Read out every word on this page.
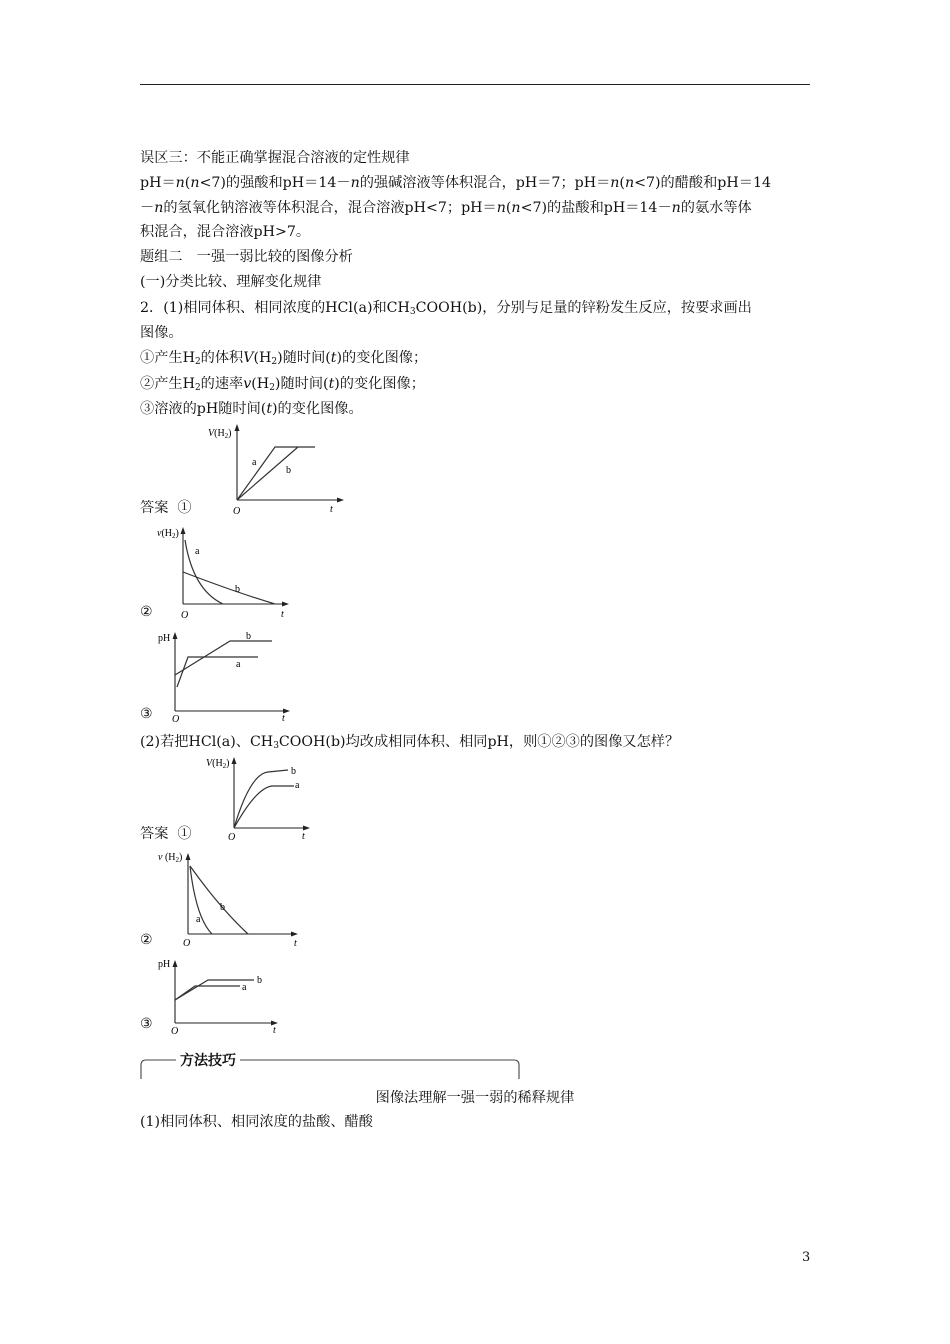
误区三：不能正确掌握混合溶液的定性规律
pH＝n(n<7)的强酸和pH＝14－n的强碱溶液等体积混合，pH＝7；pH＝n(n<7)的醋酸和pH＝14
－n的氢氧化钠溶液等体积混合，混合溶液pH<7；pH＝n(n<7)的盐酸和pH＝14－n的氨水等体
积混合，混合溶液pH>7。
题组二　一强一弱比较的图像分析
(一)分类比较、理解变化规律
2．(1)相同体积、相同浓度的HCl(a)和$CH_3COOH(b)$，分别与足量的锌粉发生反应，按要求画出
图像。
①产生$H_2$的体积$V(H_2)$随时间(t)的变化图像；
②产生$H_2$的速率$v(H_2)$随时间(t)的变化图像；
③溶液的pH随时间(t)的变化图像。
$V(H_2)$
a
b
O	t
答案 ①
$v(H_2)$
a
b
O	t
②
pH
a
b
O	t
③
(2)若把HCl(a)、$CH_3COOH(b)$均改成相同体积、相同pH，则①②③的图像又怎样？
$V(H_2)$
b
a
O	t
答案 ①
v $(H_2)$
a
b
O	t
②
pH
a
b
O	t
③
方法技巧
图像法理解一强一弱的稀释规律
(1)相同体积、相同浓度的盐酸、醋酸
3
